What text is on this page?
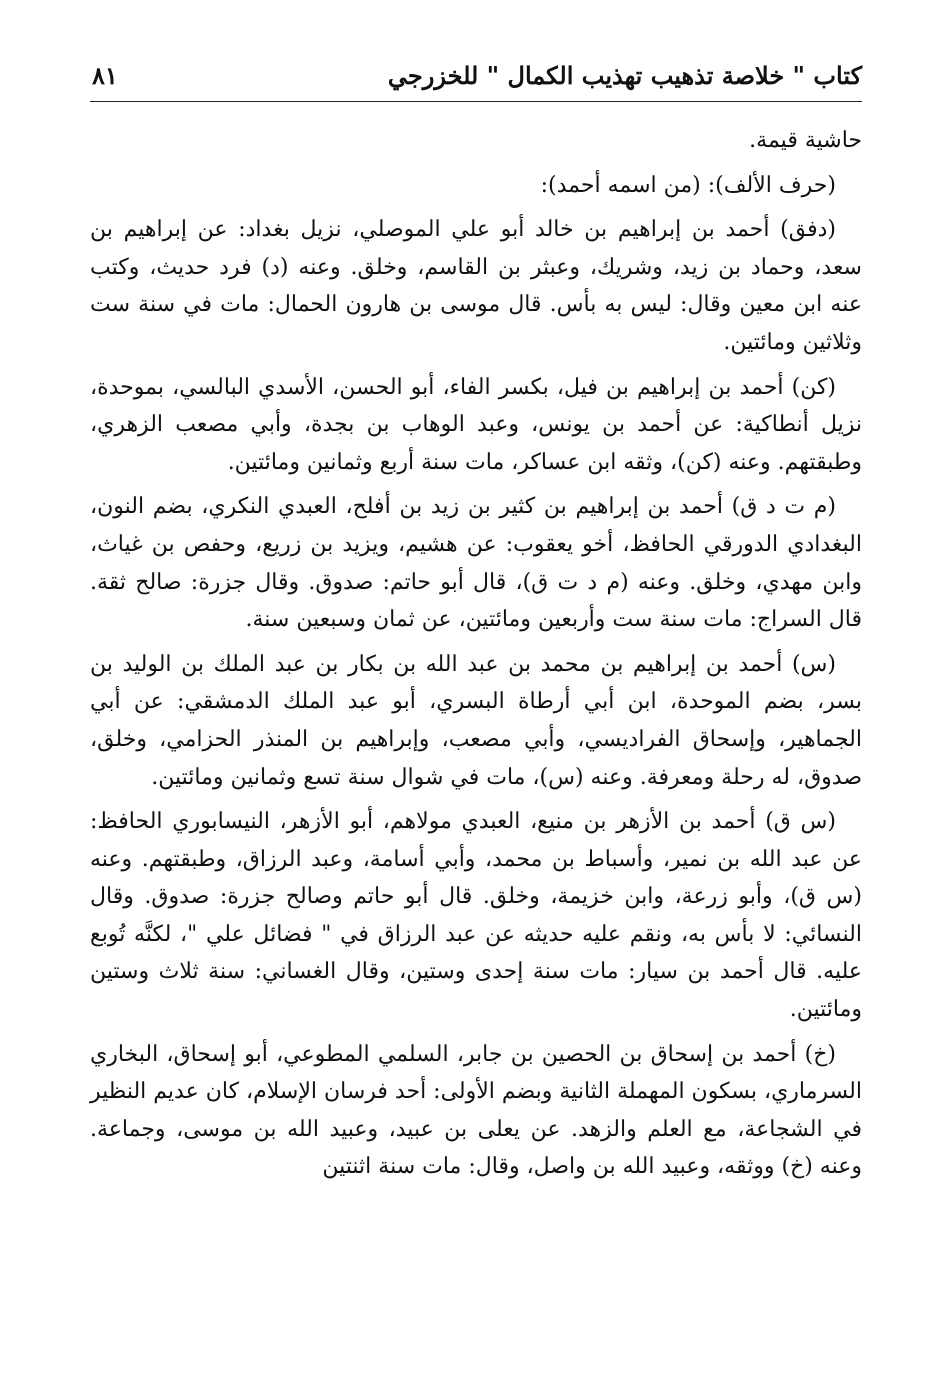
كتاب " خلاصة تذهيب تهذيب الكمال " للخزرجي
٨١

حاشية قيمة.

(حرف الألف): (من اسمه أحمد):

(دفق) أحمد بن إبراهيم بن خالد أبو علي الموصلي، نزيل بغداد: عن إبراهيم بن سعد، وحماد بن زيد، وشريك، وعبثر بن القاسم، وخلق. وعنه (د) فرد حديث، وكتب عنه ابن معين وقال: ليس به بأس. قال موسى بن هارون الحمال: مات في سنة ست وثلاثين ومائتين.

(كن) أحمد بن إبراهيم بن فيل، بكسر الفاء، أبو الحسن، الأسدي البالسي، بموحدة، نزيل أنطاكية: عن أحمد بن يونس، وعبد الوهاب بن بجدة، وأبي مصعب الزهري، وطبقتهم. وعنه (كن)، وثقه ابن عساكر، مات سنة أربع وثمانين ومائتين.

(م ت د ق) أحمد بن إبراهيم بن كثير بن زيد بن أفلح، العبدي النكري، بضم النون، البغدادي الدورقي الحافظ، أخو يعقوب: عن هشيم، ويزيد بن زريع، وحفص بن غياث، وابن مهدي، وخلق. وعنه (م د ت ق)، قال أبو حاتم: صدوق. وقال جزرة: صالح ثقة. قال السراج: مات سنة ست وأربعين ومائتين، عن ثمان وسبعين سنة.

(س) أحمد بن إبراهيم بن محمد بن عبد الله بن بكار بن عبد الملك بن الوليد بن بسر، بضم الموحدة، ابن أبي أرطاة البسري، أبو عبد الملك الدمشقي: عن أبي الجماهير، وإسحاق الفراديسي، وأبي مصعب، وإبراهيم بن المنذر الحزامي، وخلق، صدوق، له رحلة ومعرفة. وعنه (س)، مات في شوال سنة تسع وثمانين ومائتين.

(س ق) أحمد بن الأزهر بن منيع، العبدي مولاهم، أبو الأزهر، النيسابوري الحافظ: عن عبد الله بن نمير، وأسباط بن محمد، وأبي أسامة، وعبد الرزاق، وطبقتهم. وعنه (س ق)، وأبو زرعة، وابن خزيمة، وخلق. قال أبو حاتم وصالح جزرة: صدوق. وقال النسائي: لا بأس به، ونقم عليه حديثه عن عبد الرزاق في " فضائل علي "، لكنَّه تُوبع عليه. قال أحمد بن سيار: مات سنة إحدى وستين، وقال الغساني: سنة ثلاث وستين ومائتين.

(خ) أحمد بن إسحاق بن الحصين بن جابر، السلمي المطوعي، أبو إسحاق، البخاري السرماري، بسكون المهملة الثانية وبضم الأولى: أحد فرسان الإسلام، كان عديم النظير في الشجاعة، مع العلم والزهد. عن يعلى بن عبيد، وعبيد الله بن موسى، وجماعة. وعنه (خ) ووثقه، وعبيد الله بن واصل، وقال: مات سنة اثنتين
